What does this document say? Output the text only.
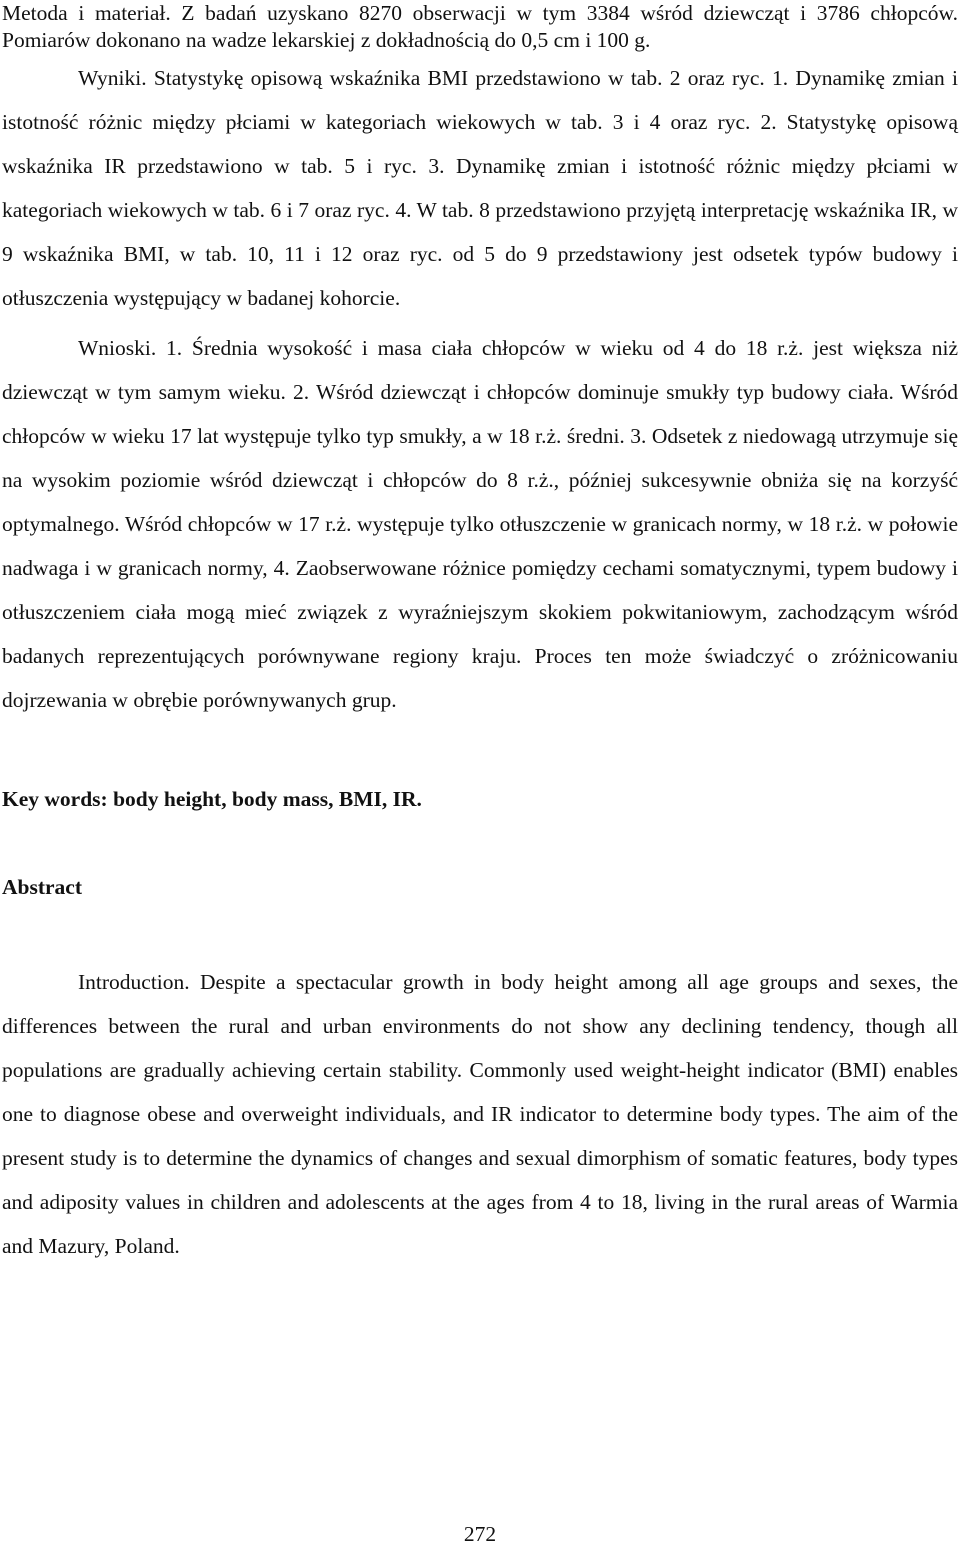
Metoda i materiał. Z badań uzyskano 8270 obserwacji w tym 3384 wśród dziewcząt i 3786 chłopców. Pomiarów dokonano na wadze lekarskiej z dokładnością do 0,5 cm i 100 g.

Wyniki. Statystykę opisową wskaźnika BMI przedstawiono w tab. 2 oraz ryc. 1. Dynamikę zmian i istotność różnic między płciami w kategoriach wiekowych w tab. 3 i 4 oraz ryc. 2. Statystykę opisową wskaźnika IR przedstawiono w tab. 5 i ryc. 3. Dynamikę zmian i istotność różnic między płciami w kategoriach wiekowych w tab. 6 i 7 oraz ryc. 4. W tab. 8 przedstawiono przyjętą interpretację wskaźnika IR, w 9 wskaźnika BMI, w tab. 10, 11 i 12 oraz ryc. od 5 do 9 przedstawiony jest odsetek typów budowy i otłuszczenia występujący w badanej kohorcie.

Wnioski. 1. Średnia wysokość i masa ciała chłopców w wieku od 4 do 18 r.ż. jest większa niż dziewcząt w tym samym wieku. 2. Wśród dziewcząt i chłopców dominuje smukły typ budowy ciała. Wśród chłopców w wieku 17 lat występuje tylko typ smukły, a w 18 r.ż. średni. 3. Odsetek z niedowagą utrzymuje się na wysokim poziomie wśród dziewcząt i chłopców do 8 r.ż., później sukcesywnie obniża się na korzyść optymalnego. Wśród chłopców w 17 r.ż. występuje tylko otłuszczenie w granicach normy, w 18 r.ż. w połowie nadwaga i w granicach normy, 4. Zaobserwowane różnice pomiędzy cechami somatycznymi, typem budowy i otłuszczeniem ciała mogą mieć związek z wyraźniejszym skokiem pokwitaniowym, zachodzącym wśród badanych reprezentujących porównywane regiony kraju. Proces ten może świadczyć o zróżnicowaniu dojrzewania w obrębie porównywanych grup.

Key words: body height, body mass, BMI, IR.

Abstract

Introduction. Despite a spectacular growth in body height among all age groups and sexes, the differences between the rural and urban environments do not show any declining tendency, though all populations are gradually achieving certain stability. Commonly used weight-height indicator (BMI) enables one to diagnose obese and overweight individuals, and IR indicator to determine body types. The aim of the present study is to determine the dynamics of changes and sexual dimorphism of somatic features, body types and adiposity values in children and adolescents at the ages from 4 to 18, living in the rural areas of Warmia and Mazury, Poland.

272
